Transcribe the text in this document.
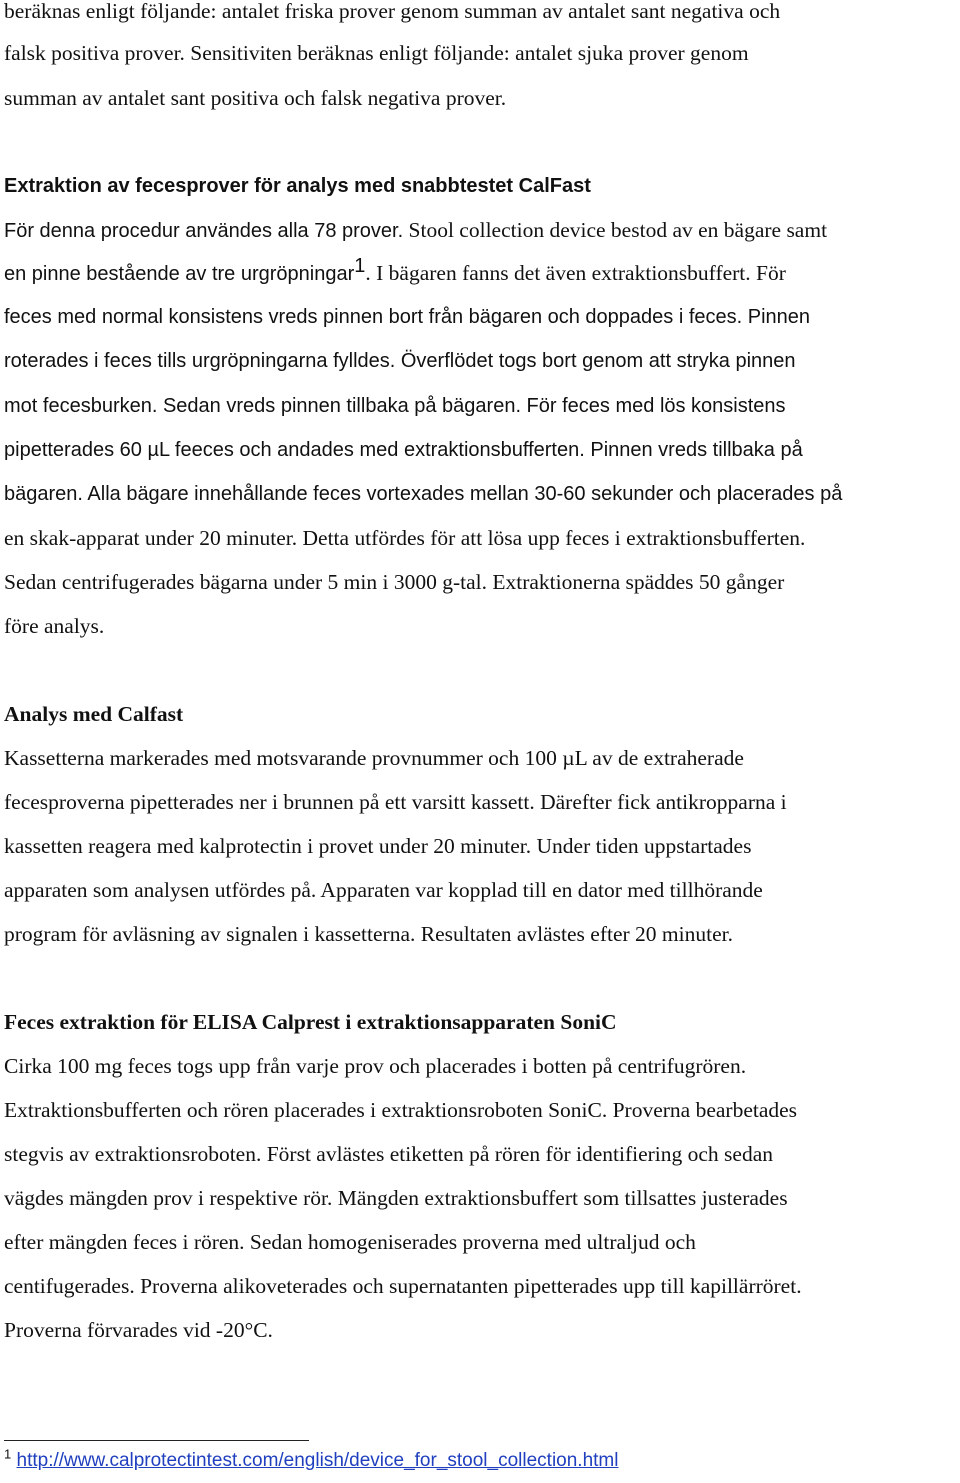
beräknas enligt följande: antalet friska prover genom summan av antalet sant negativa och
falsk positiva prover. Sensitiviten beräknas enligt följande: antalet sjuka prover genom
summan av antalet sant positiva och falsk negativa prover.
Extraktion av fecesprover för analys med snabbtestet CalFast
För denna procedur användes alla 78 prover. Stool collection device bestod av en bägare samt
en pinne bestående av tre urgröpningar$^1$. I bägaren fanns det även extraktionsbuffert. För
feces med normal konsistens vreds pinnen bort från bägaren och doppades i feces. Pinnen
roterades i feces tills urgröpningarna fylldes. Överflödet togs bort genom att stryka pinnen
mot fecesburken. Sedan vreds pinnen tillbaka på bägaren. För feces med lös konsistens
pipetterades 60 µL feeces och andades med extraktionsbufferten. Pinnen vreds tillbaka på
bägaren. Alla bägare innehållande feces vortexades mellan 30-60 sekunder och placerades på
en skak-apparat under 20 minuter. Detta utfördes för att lösa upp feces i extraktionsbufferten.
Sedan centrifugerades bägarna under 5 min i 3000 g-tal. Extraktionerna späddes 50 gånger
före analys.
Analys med Calfast
Kassetterna markerades med motsvarande provnummer och 100 µL av de extraherade
fecesproverna pipetterades ner i brunnen på ett varsitt kassett. Därefter fick antikropparna i
kassetten reagera med kalprotectin i provet under 20 minuter. Under tiden uppstartades
apparaten som analysen utfördes på. Apparaten var kopplad till en dator med tillhörande
program för avläsning av signalen i kassetterna. Resultaten avlästes efter 20 minuter.
Feces extraktion för ELISA Calprest i extraktionsapparaten SoniC
Cirka 100 mg feces togs upp från varje prov och placerades i botten på centrifugrören.
Extraktionsbufferten och rören placerades i extraktionsroboten SoniC. Proverna bearbetades
stegvis av extraktionsroboten. Först avlästes etiketten på rören för identifiering och sedan
vägdes mängden prov i respektive rör. Mängden extraktionsbuffert som tillsattes justerades
efter mängden feces i rören. Sedan homogeniserades proverna med ultraljud och
centifugerades. Proverna alikoveterades och supernatanten pipetterades upp till kapillärröret.
Proverna förvarades vid -20°C.
$^1$ http://www.calprotectintest.com/english/device_for_stool_collection.html
